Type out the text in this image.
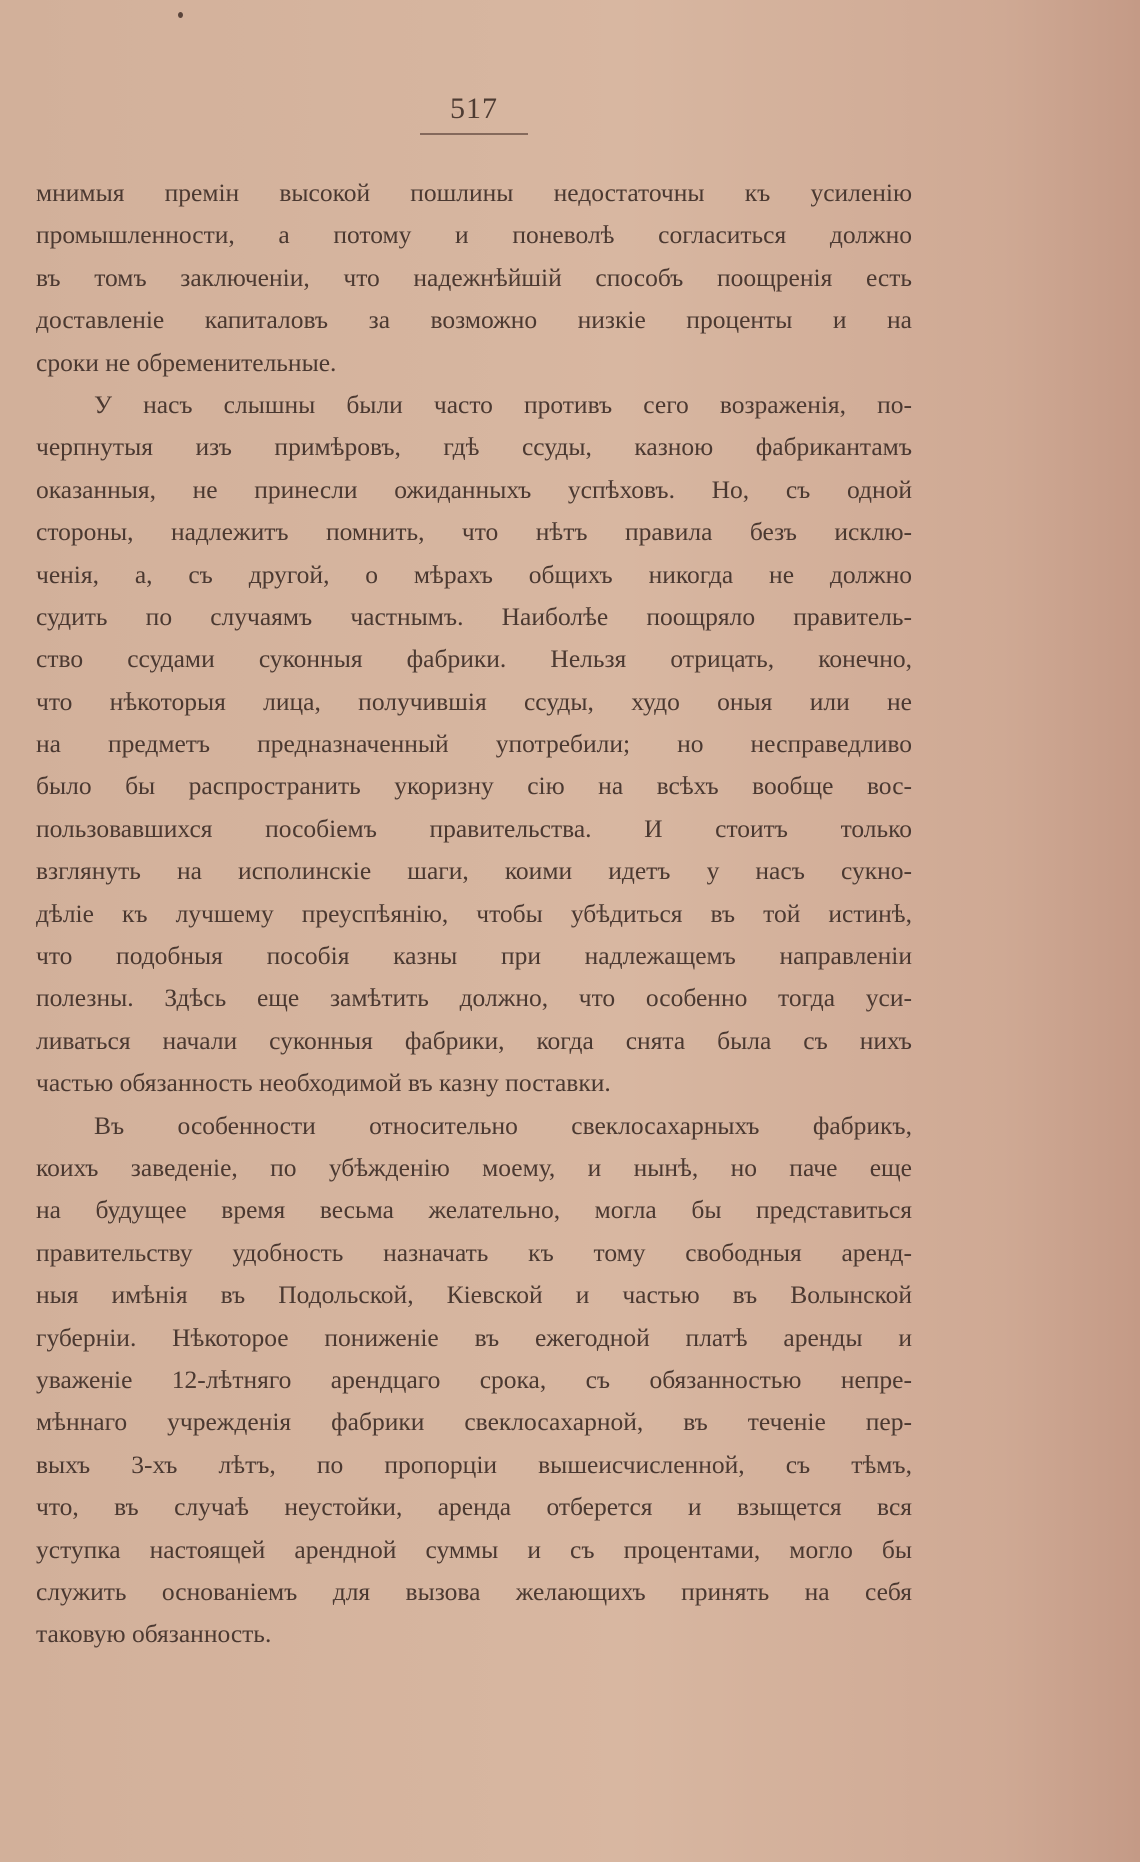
517
мнимыя премін высокой пошлины недостаточны къ усиленію
промышленности, а потому и поневолѣ согласиться должно
въ томъ заключеніи, что надежнѣйшій способъ поощренія есть
доставленіе капиталовъ за возможно низкіе проценты и на
сроки не обременительные.
У насъ слышны были часто противъ сего возраженія, по-
черпнутыя изъ примѣровъ, гдѣ ссуды, казною фабрикантамъ
оказанныя, не принесли ожиданныхъ успѣховъ. Но, съ одной
стороны, надлежитъ помнить, что нѣтъ правила безъ исклю-
ченія, а, съ другой, о мѣрахъ общихъ никогда не должно
судить по случаямъ частнымъ. Наиболѣе поощряло правитель-
ство ссудами суконныя фабрики. Нельзя отрицать, конечно,
что нѣкоторыя лица, получившія ссуды, худо оныя или не
на предметъ предназначенный употребили; но несправедливо
было бы распространить укоризну сію на всѣхъ вообще вос-
пользовавшихся пособіемъ правительства. И стоитъ только
взглянуть на исполинскіе шаги, коими идетъ у насъ сукно-
дѣліе къ лучшему преуспѣянію, чтобы убѣдиться въ той истинѣ,
что подобныя пособія казны при надлежащемъ направленіи
полезны. Здѣсь еще замѣтить должно, что особенно тогда уси-
ливаться начали суконныя фабрики, когда снята была съ нихъ
частью обязанность необходимой въ казну поставки.
Въ особенности относительно свеклосахарныхъ фабрикъ,
коихъ заведеніе, по убѣжденію моему, и нынѣ, но паче еще
на будущее время весьма желательно, могла бы представиться
правительству удобность назначать къ тому свободныя аренд-
ныя имѣнія въ Подольской, Кіевской и частью въ Волынской
губерніи. Нѣкоторое пониженіе въ ежегодной платѣ аренды и
уваженіе 12-лѣтняго арендцаго срока, съ обязанностью непре-
мѣннаго учрежденія фабрики свеклосахарной, въ теченіе пер-
выхъ 3-хъ лѣтъ, по пропорціи вышеисчисленной, съ тѣмъ,
что, въ случаѣ неустойки, аренда отберется и взыщется вся
уступка настоящей арендной суммы и съ процентами, могло бы
служить основаніемъ для вызова желающихъ принять на себя
таковую обязанность.
